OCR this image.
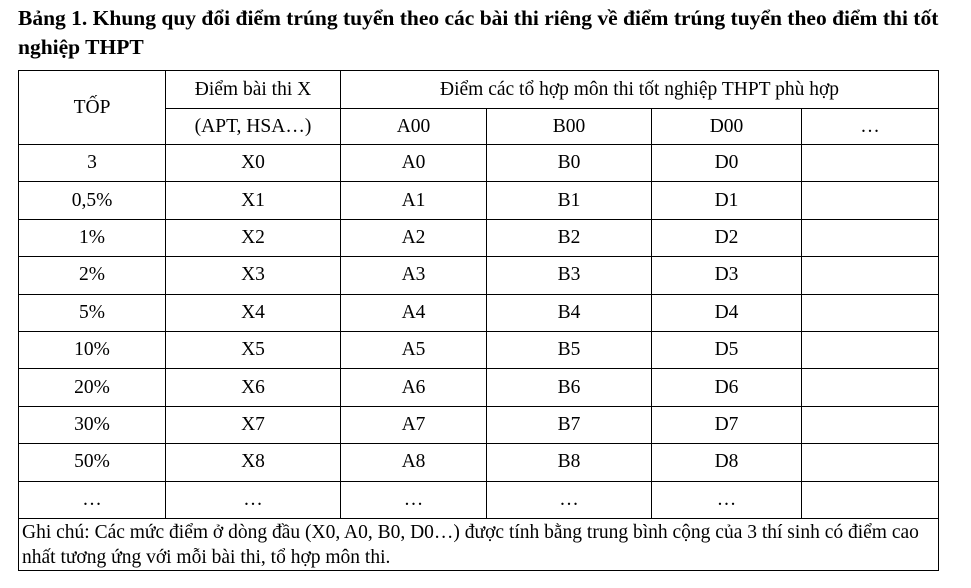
Bảng 1. Khung quy đổi điểm trúng tuyển theo các bài thi riêng về điểm trúng tuyển theo điểm thi tốt nghiệp THPT
TỐP	Điểm bài thi X	Điểm các tổ hợp môn thi tốt nghiệp THPT phù hợp			
	(APT, HSA…)	A00	B00	D00	…
3	X0	A0	B0	D0	
0,5%	X1	A1	B1	D1	
1%	X2	A2	B2	D2	
2%	X3	A3	B3	D3	
5%	X4	A4	B4	D4	
10%	X5	A5	B5	D5	
20%	X6	A6	B6	D6	
30%	X7	A7	B7	D7	
50%	X8	A8	B8	D8	
…	…	…	…	…	
Ghi chú: Các mức điểm ở dòng đầu (X0, A0, B0, D0…) được tính bằng trung bình cộng của 3 thí sinh có điểm cao nhất tương ứng với mỗi bài thi, tổ hợp môn thi.					
